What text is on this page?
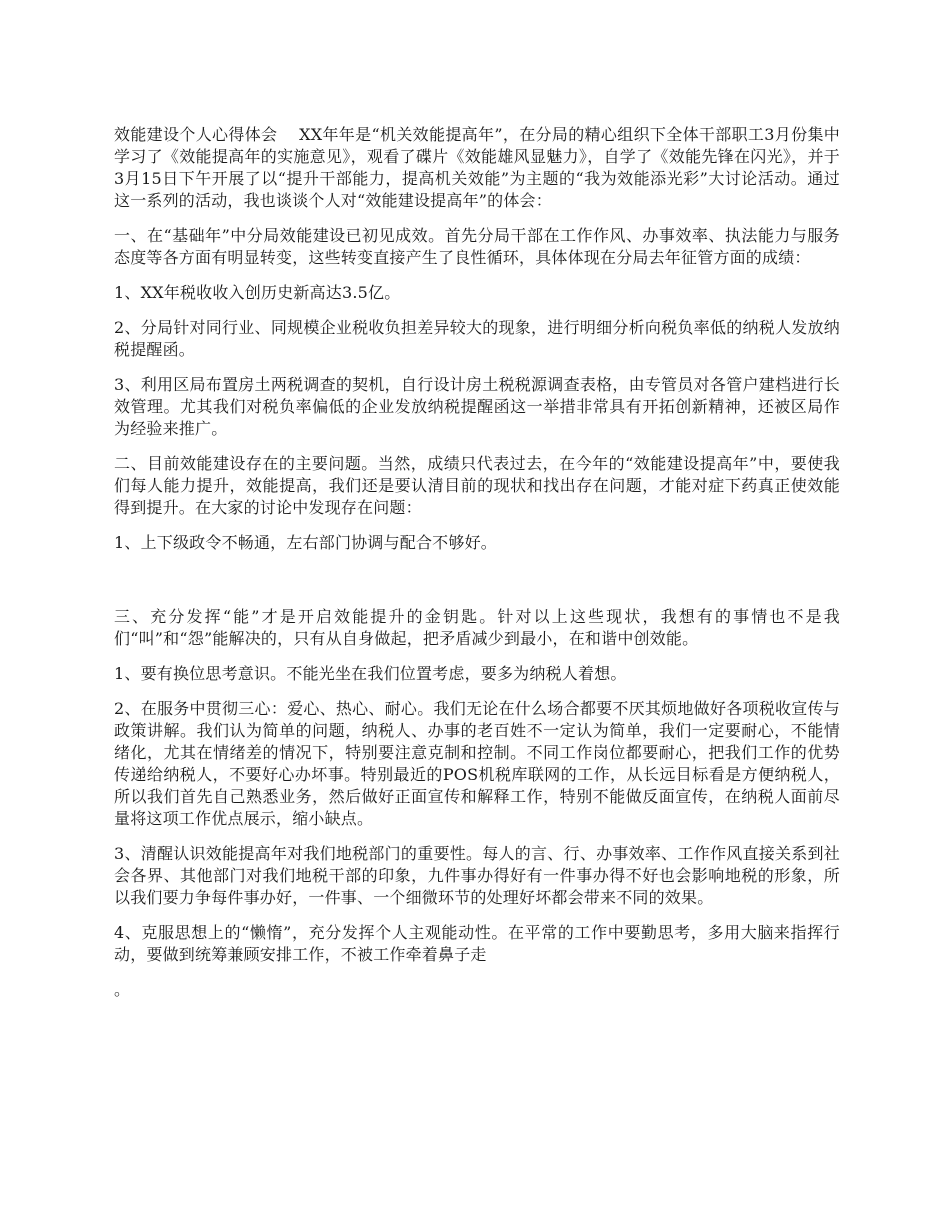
效能建设个人心得体会　 XX年年是“机关效能提高年”，在分局的精心组织下全体干部职工3月份集中学习了《效能提高年的实施意见》，观看了碟片《效能雄风显魅力》，自学了《效能先锋在闪光》，并于3月15日下午开展了以“提升干部能力，提高机关效能”为主题的“我为效能添光彩”大讨论活动。通过这一系列的活动，我也谈谈个人对“效能建设提高年”的体会：

一、在“基础年”中分局效能建设已初见成效。首先分局干部在工作作风、办事效率、执法能力与服务态度等各方面有明显转变，这些转变直接产生了良性循环，具体体现在分局去年征管方面的成绩：

1、XX年税收收入创历史新高达3.5亿。

2、分局针对同行业、同规模企业税收负担差异较大的现象，进行明细分析向税负率低的纳税人发放纳税提醒函。

3、利用区局布置房土两税调查的契机，自行设计房土税税源调查表格，由专管员对各管户建档进行长效管理。尤其我们对税负率偏低的企业发放纳税提醒函这一举措非常具有开拓创新精神，还被区局作为经验来推广。

二、目前效能建设存在的主要问题。当然，成绩只代表过去，在今年的“效能建设提高年”中，要使我们每人能力提升，效能提高，我们还是要认清目前的现状和找出存在问题，才能对症下药真正使效能得到提升。在大家的讨论中发现存在问题：

1、上下级政令不畅通，左右部门协调与配合不够好。

三、充分发挥“能”才是开启效能提升的金钥匙。针对以上这些现状，我想有的事情也不是我们“叫”和“怨”能解决的，只有从自身做起，把矛盾减少到最小，在和谐中创效能。

1、要有换位思考意识。不能光坐在我们位置考虑，要多为纳税人着想。

2、在服务中贯彻三心：爱心、热心、耐心。我们无论在什么场合都要不厌其烦地做好各项税收宣传与政策讲解。我们认为简单的问题，纳税人、办事的老百姓不一定认为简单，我们一定要耐心，不能情绪化，尤其在情绪差的情况下，特别要注意克制和控制。不同工作岗位都要耐心，把我们工作的优势传递给纳税人，不要好心办坏事。特别最近的POS机税库联网的工作，从长远目标看是方便纳税人，所以我们首先自己熟悉业务，然后做好正面宣传和解释工作，特别不能做反面宣传，在纳税人面前尽量将这项工作优点展示，缩小缺点。

3、清醒认识效能提高年对我们地税部门的重要性。每人的言、行、办事效率、工作作风直接关系到社会各界、其他部门对我们地税干部的印象，九件事办得好有一件事办得不好也会影响地税的形象，所以我们要力争每件事办好，一件事、一个细微环节的处理好坏都会带来不同的效果。

4、克服思想上的“懒惰”，充分发挥个人主观能动性。在平常的工作中要勤思考，多用大脑来指挥行动，要做到统筹兼顾安排工作，不被工作牵着鼻子走

。
